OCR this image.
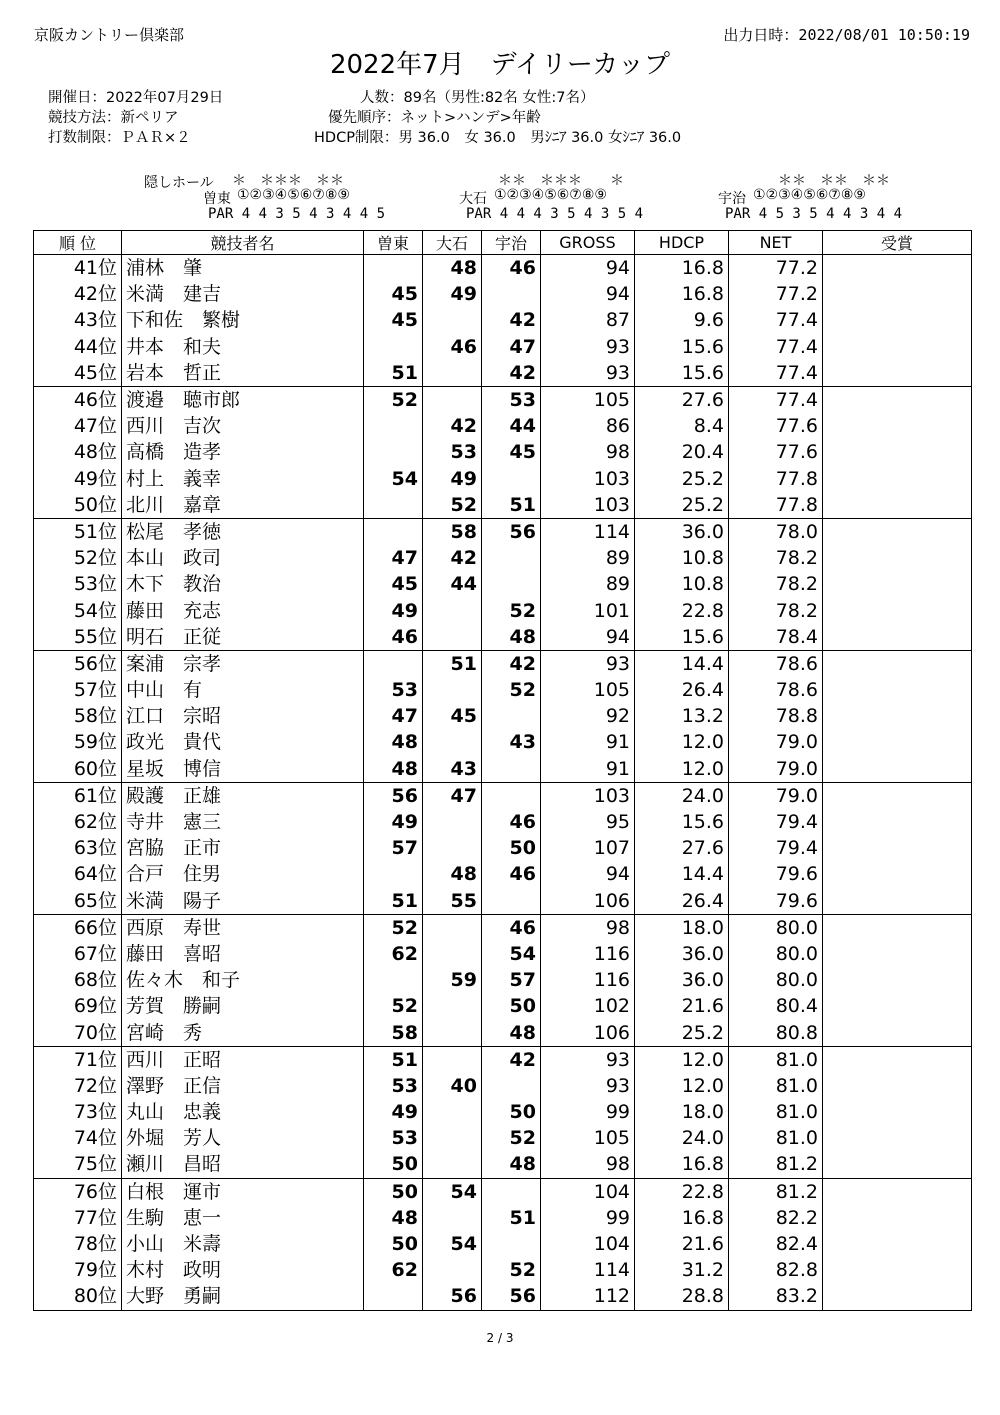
京阪カントリー倶楽部	出力日時：2022/08/01 10:50:19
2022年7月　デイリーカップ
開催日：2022年07月29日
競技方法：新ペリア
打数制限：ＰＡＲ×２
人数：89名（男性:82名 女性:7名）
優先順序：ネット>ハンデ>年齢
HDCP制限：男 36.0　女 36.0　男ｼﾆｱ 36.0 女ｼﾆｱ 36.0
隠しホール ＊　＊＊＊　＊＊	＊＊　＊＊＊　　＊	＊＊　＊＊　＊＊
曽東 ①②③④⑤⑥⑦⑧⑨	大石 ①②③④⑤⑥⑦⑧⑨	宇治 ①②③④⑤⑥⑦⑧⑨
PAR 4 4 3 5 4 3 4 4 5	PAR 4 4 4 3 5 4 3 5 4	PAR 4 5 3 5 4 4 3 4 4
順 位	競技者名	曽東	大石	宇治	GROSS	HDCP	NET	受賞
41位	浦林　肇		48	46	94	16.8	77.2	
42位	米満　建吉	45	49		94	16.8	77.2	
43位	下和佐　繁樹	45		42	87	9.6	77.4	
44位	井本　和夫		46	47	93	15.6	77.4	
45位	岩本　哲正	51		42	93	15.6	77.4	
46位	渡邉　聴市郎	52		53	105	27.6	77.4	
47位	西川　吉次		42	44	86	8.4	77.6	
48位	高橋　造孝		53	45	98	20.4	77.6	
49位	村上　義幸	54	49		103	25.2	77.8	
50位	北川　嘉章		52	51	103	25.2	77.8	
51位	松尾　孝徳		58	56	114	36.0	78.0	
52位	本山　政司	47	42		89	10.8	78.2	
53位	木下　教治	45	44		89	10.8	78.2	
54位	藤田　充志	49		52	101	22.8	78.2	
55位	明石　正従	46		48	94	15.6	78.4	
56位	案浦　宗孝		51	42	93	14.4	78.6	
57位	中山　有	53		52	105	26.4	78.6	
58位	江口　宗昭	47	45		92	13.2	78.8	
59位	政光　貴代	48		43	91	12.0	79.0	
60位	星坂　博信	48	43		91	12.0	79.0	
61位	殿護　正雄	56	47		103	24.0	79.0	
62位	寺井　憲三	49		46	95	15.6	79.4	
63位	宮脇　正市	57		50	107	27.6	79.4	
64位	合戸　住男		48	46	94	14.4	79.6	
65位	米満　陽子	51	55		106	26.4	79.6	
66位	西原　寿世	52		46	98	18.0	80.0	
67位	藤田　喜昭	62		54	116	36.0	80.0	
68位	佐々木　和子		59	57	116	36.0	80.0	
69位	芳賀　勝嗣	52		50	102	21.6	80.4	
70位	宮崎　秀	58		48	106	25.2	80.8	
71位	西川　正昭	51		42	93	12.0	81.0	
72位	澤野　正信	53	40		93	12.0	81.0	
73位	丸山　忠義	49		50	99	18.0	81.0	
74位	外堀　芳人	53		52	105	24.0	81.0	
75位	瀬川　昌昭	50		48	98	16.8	81.2	
76位	白根　運市	50	54		104	22.8	81.2	
77位	生駒　恵一	48		51	99	16.8	82.2	
78位	小山　米壽	50	54		104	21.6	82.4	
79位	木村　政明	62		52	114	31.2	82.8	
80位	大野　勇嗣		56	56	112	28.8	83.2	
2 / 3
